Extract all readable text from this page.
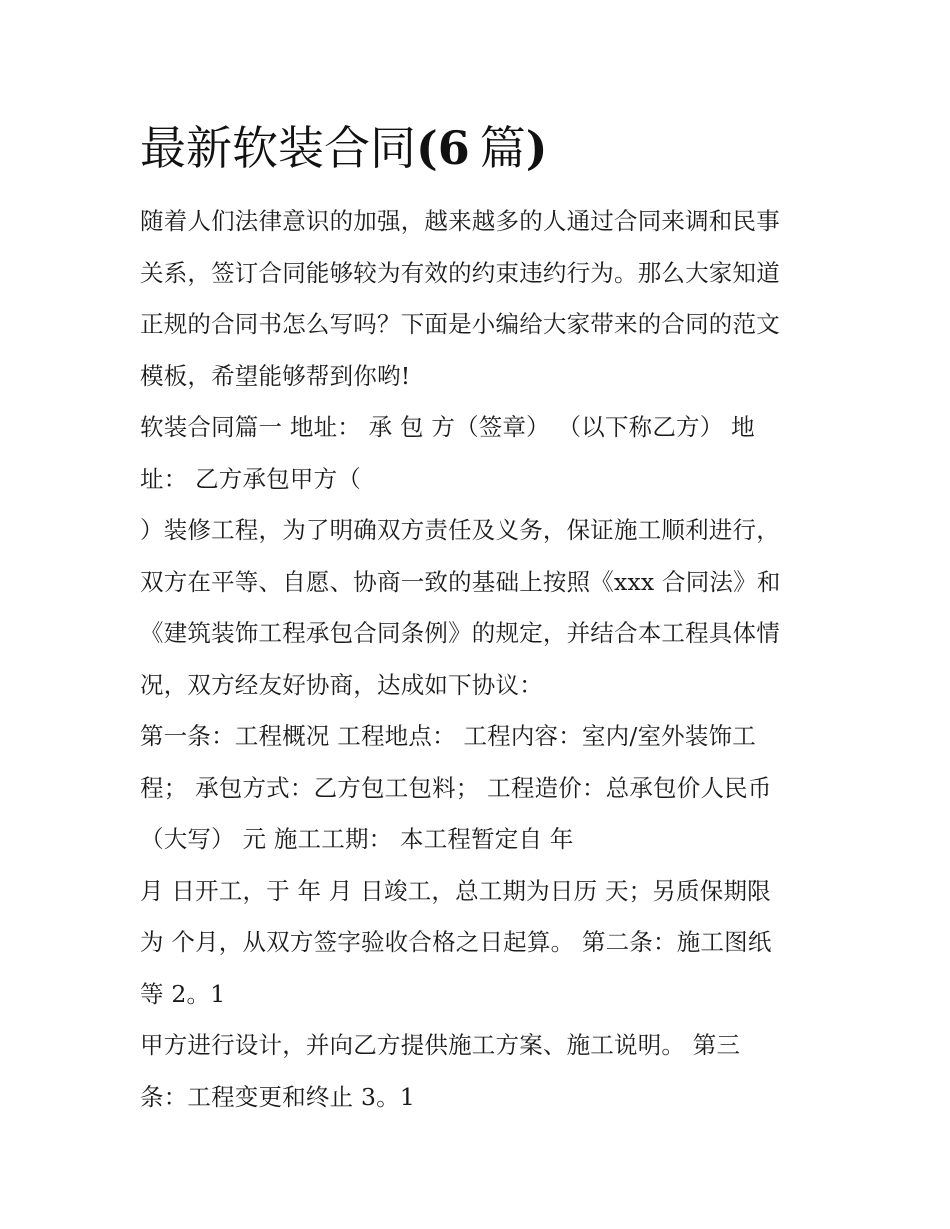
最新软装合同(6 篇)

随着人们法律意识的加强，越来越多的人通过合同来调和民事

关系，签订合同能够较为有效的约束违约行为。那么大家知道

正规的合同书怎么写吗？下面是小编给大家带来的合同的范文

模板，希望能够帮到你哟!

软装合同篇一 地址： 承 包 方（签章） （以下称乙方） 地

址： 乙方承包甲方（

）装修工程，为了明确双方责任及义务，保证施工顺利进行，

双方在平等、自愿、协商一致的基础上按照《xxx 合同法》和

《建筑装饰工程承包合同条例》的规定，并结合本工程具体情

况，双方经友好协商，达成如下协议：

第一条：工程概况 工程地点： 工程内容：室内/室外装饰工

程； 承包方式：乙方包工包料； 工程造价：总承包价人民币

（大写） 元 施工工期： 本工程暂定自 年

月 日开工，于 年 月 日竣工，总工期为日历 天；另质保期限

为 个月，从双方签字验收合格之日起算。 第二条：施工图纸

等 2。1

甲方进行设计，并向乙方提供施工方案、施工说明。 第三

条：工程变更和终止 3。1
